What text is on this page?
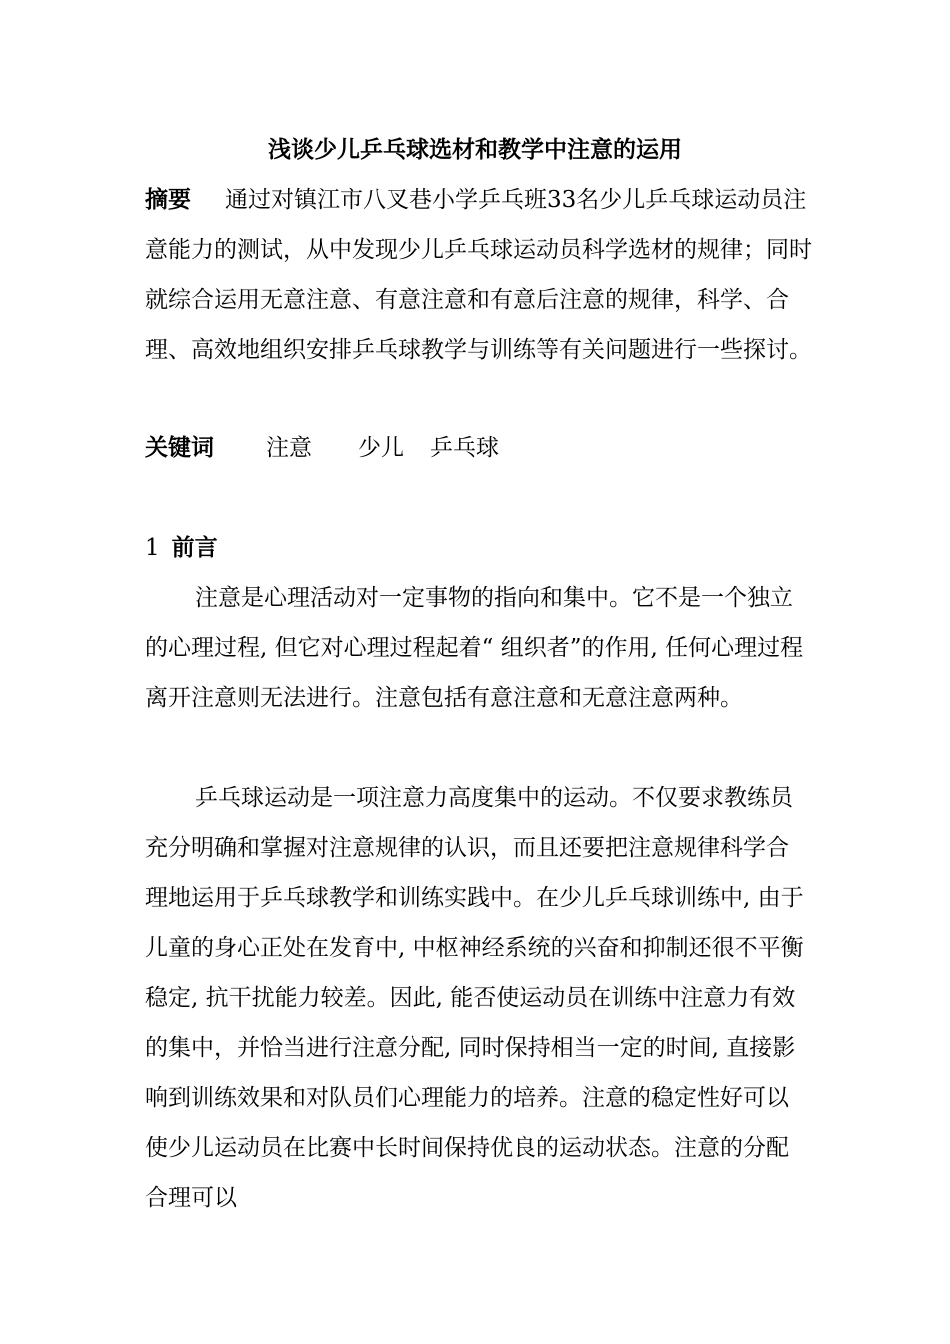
浅谈少儿乒乓球选材和教学中注意的运用

摘要 通过对镇江市八叉巷小学乒乓班33名少儿乒乓球运动员注意能力的测试，从中发现少儿乒乓球运动员科学选材的规律；同时就综合运用无意注意、有意注意和有意后注意的规律，科学、合理、高效地组织安排乒乓球教学与训练等有关问题进行一些探讨。

关键词 注意 少儿 乒乓球

1 前言

注意是心理活动对一定事物的指向和集中。它不是一个独立的心理过程, 但它对心理过程起着“ 组织者”的作用, 任何心理过程离开注意则无法进行。注意包括有意注意和无意注意两种。

乒乓球运动是一项注意力高度集中的运动。不仅要求教练员充分明确和掌握对注意规律的认识，而且还要把注意规律科学合理地运用于乒乓球教学和训练实践中。在少儿乒乓球训练中, 由于儿童的身心正处在发育中, 中枢神经系统的兴奋和抑制还很不平衡稳定, 抗干扰能力较差。因此, 能否使运动员在训练中注意力有效的集中，并恰当进行注意分配, 同时保持相当一定的时间, 直接影响到训练效果和对队员们心理能力的培养。注意的稳定性好可以使少儿运动员在比赛中长时间保持优良的运动状态。注意的分配合理可以
